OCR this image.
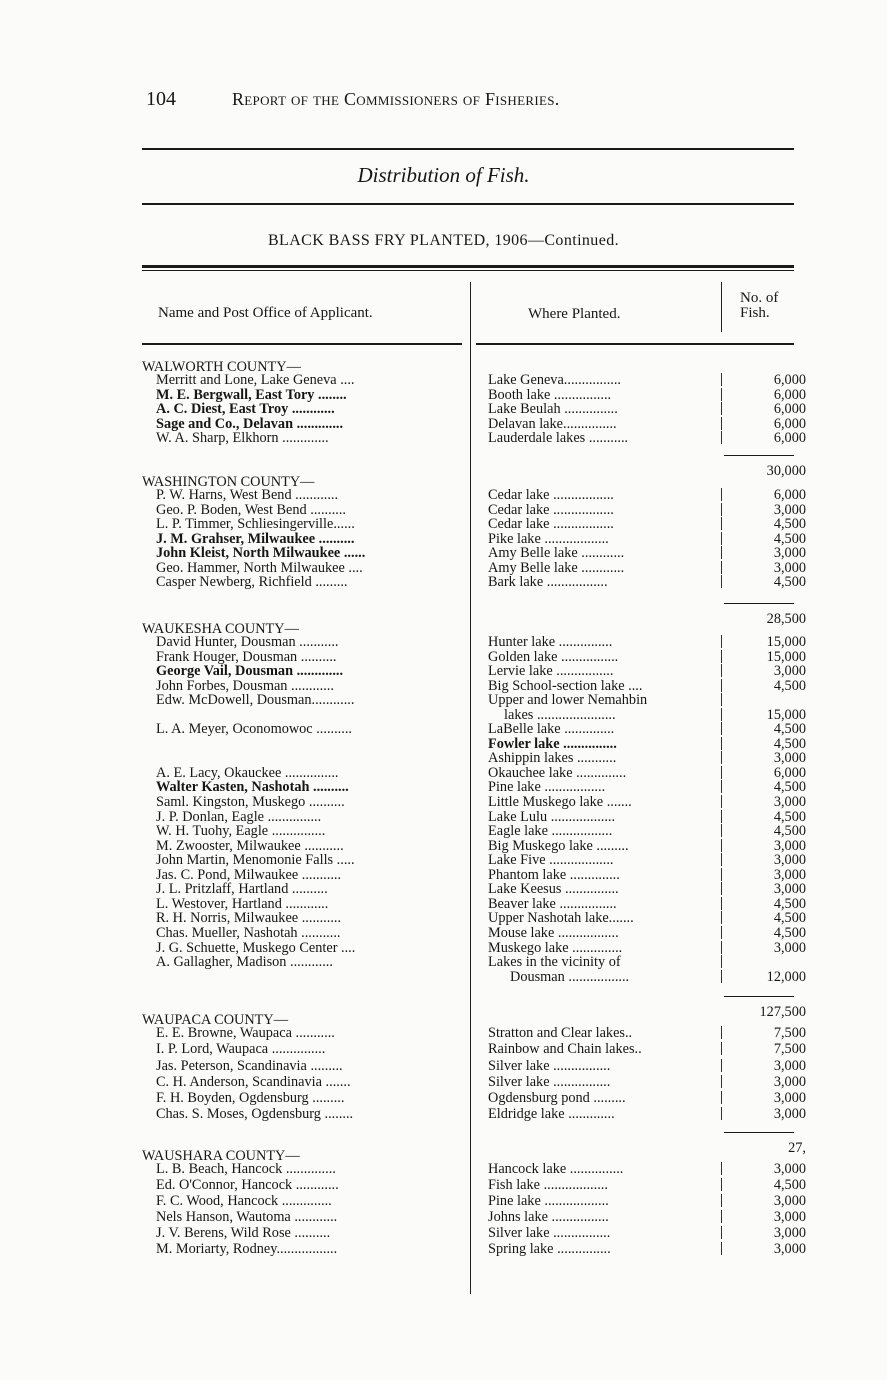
104	Report of the Commissioners of Fisheries.
Distribution of Fish.
BLACK BASS FRY PLANTED, 1906—Continued.
Name and Post Office of Applicant.	Where Planted.
No. of
Fish.
WALWORTH COUNTY—
Merritt and Lone, Lake Geneva ....	Lake Geneva................	6,000
M. E. Bergwall, East Tory ........	Booth lake ................	6,000
A. C. Diest, East Troy ............	Lake Beulah ...............	6,000
Sage and Co., Delavan .............	Delavan lake...............	6,000
W. A. Sharp, Elkhorn .............	Lauderdale lakes ...........	6,000
30,000
WASHINGTON COUNTY—
P. W. Harns, West Bend ............	Cedar lake .................	6,000
Geo. P. Boden, West Bend ..........	Cedar lake .................	3,000
L. P. Timmer, Schliesingerville......	Cedar lake .................	4,500
J. M. Grahser, Milwaukee ..........	Pike lake ..................	4,500
John Kleist, North Milwaukee ......	Amy Belle lake ............	3,000
Geo. Hammer, North Milwaukee ....	Amy Belle lake ............	3,000
Casper Newberg, Richfield .........	Bark lake .................	4,500
28,500
WAUKESHA COUNTY—
David Hunter, Dousman ...........	Hunter lake ...............	15,000
Frank Houger, Dousman ..........	Golden lake ................	15,000
George Vail, Dousman .............	Lervie lake ................	3,000
John Forbes, Dousman ............	Big School-section lake ....	4,500
Edw. McDowell, Dousman............	Upper and lower Nemahbin
lakes ......................	15,000
L. A. Meyer, Oconomowoc ..........	LaBelle lake ..............	4,500
Fowler lake ...............	4,500
Ashippin lakes ...........	3,000
A. E. Lacy, Okauckee ...............	Okauchee lake ..............	6,000
Walter Kasten, Nashotah ..........	Pine lake .................	4,500
Saml. Kingston, Muskego ..........	Little Muskego lake .......	3,000
J. P. Donlan, Eagle ...............	Lake Lulu ..................	4,500
W. H. Tuohy, Eagle ...............	Eagle lake .................	4,500
M. Zwooster, Milwaukee ...........	Big Muskego lake .........	3,000
John Martin, Menomonie Falls .....	Lake Five ..................	3,000
Jas. C. Pond, Milwaukee ...........	Phantom lake ..............	3,000
J. L. Pritzlaff, Hartland ..........	Lake Keesus ...............	3,000
L. Westover, Hartland ............	Beaver lake ................	4,500
R. H. Norris, Milwaukee ...........	Upper Nashotah lake.......	4,500
Chas. Mueller, Nashotah ...........	Mouse lake .................	4,500
J. G. Schuette, Muskego Center ....	Muskego lake ..............	3,000
A. Gallagher, Madison ............	Lakes in the vicinity of
Dousman .................	12,000
127,500
WAUPACA COUNTY—
E. E. Browne, Waupaca ...........	Stratton and Clear lakes..	7,500
I. P. Lord, Waupaca ...............	Rainbow and Chain lakes..	7,500
Jas. Peterson, Scandinavia .........	Silver lake ................	3,000
C. H. Anderson, Scandinavia .......	Silver lake ................	3,000
F. H. Boyden, Ogdensburg .........	Ogdensburg pond .........	3,000
Chas. S. Moses, Ogdensburg ........	Eldridge lake .............	3,000
27,
WAUSHARA COUNTY—
L. B. Beach, Hancock ..............	Hancock lake ...............	3,000
Ed. O'Connor, Hancock ............	Fish lake ..................	4,500
F. C. Wood, Hancock ..............	Pine lake ..................	3,000
Nels Hanson, Wautoma ............	Johns lake ................	3,000
J. V. Berens, Wild Rose ..........	Silver lake ................	3,000
M. Moriarty, Rodney.................	Spring lake ...............	3,000
